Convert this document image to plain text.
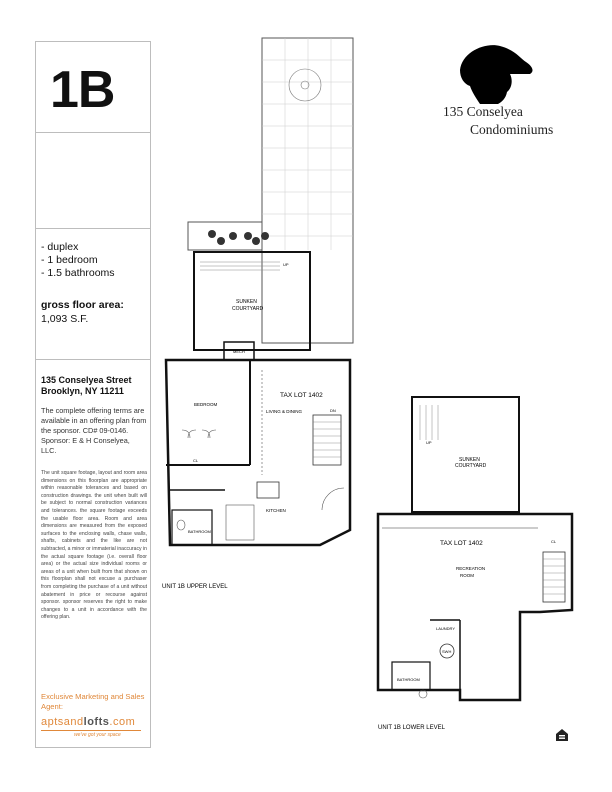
1B
- duplex
- 1 bedroom
- 1.5 bathrooms
gross floor area:
1,093 S.F.
135 Conselyea Street
Brooklyn, NY 11211
The complete offering terms are available in an offering plan from the sponsor. CD# 09-0146. Sponsor: E & H Conselyea, LLC.
The unit square footage, layout and room area dimensions on this floorplan are appropriate within reasonable tolerances and based on construction drawings. the unit when built will be subject to normal construction variances and tolerances. the square footage exceeds the usable floor area. Room and area dimensions are measured from the exposed surfaces to the enclosing walls, chase walls, shafts, cabinets and the like are not subtracted, a minor or immaterial inaccuracy in the actual square footage (i.e. overall floor area) or the actual size individual rooms or areas of a unit when built from that shown on this floorplan shall not excuse a purchaser from completing the purchase of a unit without abatement in price or recourse against sponsor. sponsor reserves the right to make changes to a unit in accordance with the offering plan.
Exclusive Marketing and Sales Agent:
aptsandlofts.com
we've got your space
135 Conselyea
Condominiums
SUNKEN
COURTYARD
UP
MECH
BEDROOM
CL
TAX LOT 1402
LIVING & DINING	DN
KITCHEN
BATHROOM
UNIT 1B UPPER LEVEL
SUNKEN
COURTYARD
UP
TAX LOT 1402
RECREATION
ROOM
CL
LAUNDRY
SWH
BATHROOM
UNIT 1B LOWER LEVEL
